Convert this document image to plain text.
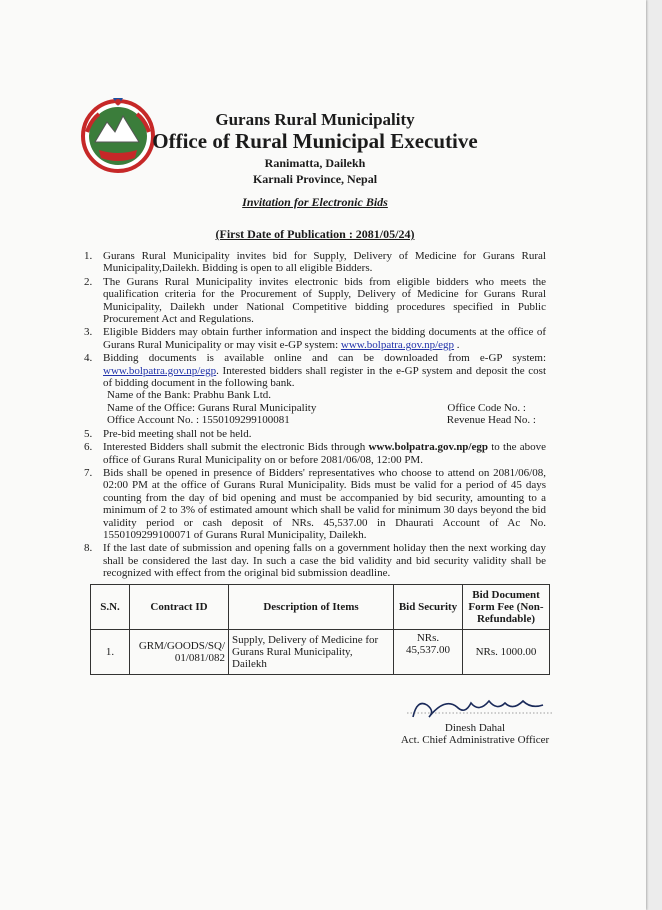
Gurans Rural Municipality
Office of Rural Municipal Executive
Ranimatta, Dailekh
Karnali Province, Nepal
Invitation for Electronic Bids
(First Date of Publication : 2081/05/24)
1. Gurans Rural Municipality invites bid for Supply, Delivery of Medicine for Gurans Rural Municipality,Dailekh. Bidding is open to all eligible Bidders.
2. The Gurans Rural Municipality invites electronic bids from eligible bidders who meets the qualification criteria for the Procurement of Supply, Delivery of Medicine for Gurans Rural Municipality, Dailekh under National Competitive bidding procedures specified in Public Procurement Act and Regulations.
3. Eligible Bidders may obtain further information and inspect the bidding documents at the office of Gurans Rural Municipality or may visit e-GP system: www.bolpatra.gov.np/egp .
4. Bidding documents is available online and can be downloaded from e-GP system: www.bolpatra.gov.np/egp. Interested bidders shall register in the e-GP system and deposit the cost of bidding document in the following bank.
Name of the Bank: Prabhu Bank Ltd.
Name of the Office: Gurans Rural Municipality	Office Code No. :
Office Account No. : 1550109299100081	Revenue Head No. :
5. Pre-bid meeting shall not be held.
6. Interested Bidders shall submit the electronic Bids through www.bolpatra.gov.np/egp to the above office of Gurans Rural Municipality on or before 2081/06/08, 12:00 PM.
7. Bids shall be opened in presence of Bidders' representatives who choose to attend on 2081/06/08, 02:00 PM at the office of Gurans Rural Municipality. Bids must be valid for a period of 45 days counting from the day of bid opening and must be accompanied by bid security, amounting to a minimum of 2 to 3% of estimated amount which shall be valid for minimum 30 days beyond the bid validity period or cash deposit of NRs. 45,537.00 in Dhaurati Account of Ac No. 1550109299100071 of Gurans Rural Municipality, Dailekh.
8. If the last date of submission and opening falls on a government holiday then the next working day shall be considered the last day. In such a case the bid validity and bid security validity shall be recognized with effect from the original bid submission deadline.
S.N.	Contract ID	Description of Items	Bid Security	Bid Document Form Fee (Non-Refundable)
1.	GRM/GOODS/SQ/ 01/081/082	Supply, Delivery of Medicine for Gurans Rural Municipality, Dailekh	NRs. 45,537.00	NRs. 1000.00
Dinesh Dahal
Act. Chief Administrative Officer
